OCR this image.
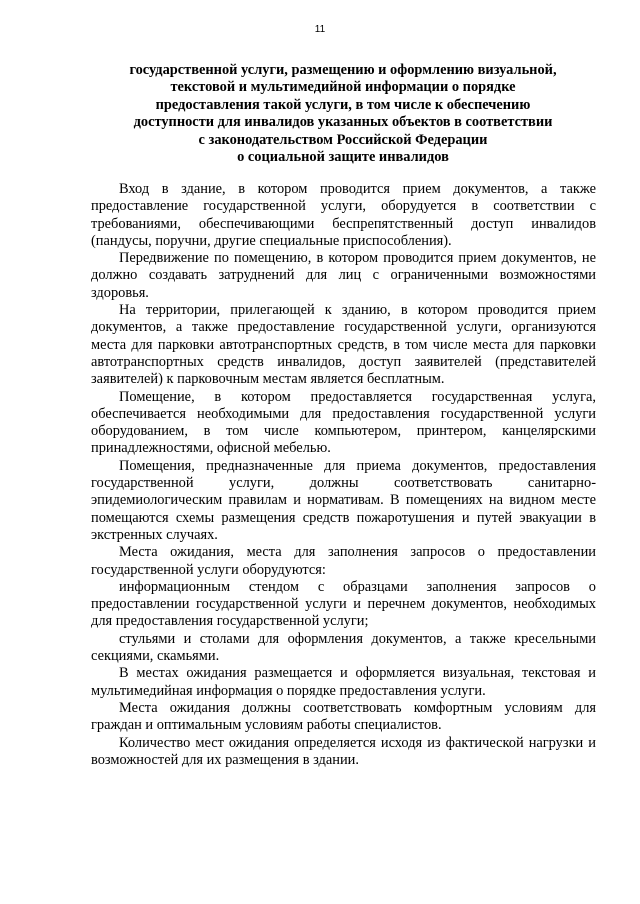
11
государственной услуги, размещению и оформлению визуальной,
текстовой и мультимедийной информации о порядке
предоставления такой услуги, в том числе к обеспечению
доступности для инвалидов указанных объектов в соответствии
с законодательством Российской Федерации
о социальной защите инвалидов

Вход в здание, в котором проводится прием документов, а также предоставление государственной услуги, оборудуется в соответствии с требованиями, обеспечивающими беспрепятственный доступ инвалидов (пандусы, поручни, другие специальные приспособления).

Передвижение по помещению, в котором проводится прием документов, не должно создавать затруднений для лиц с ограниченными возможностями здоровья.

На территории, прилегающей к зданию, в котором проводится прием документов, а также предоставление государственной услуги, организуются места для парковки автотранспортных средств, в том числе места для парковки автотранспортных средств инвалидов, доступ заявителей (представителей заявителей) к парковочным местам является бесплатным.

Помещение, в котором предоставляется государственная услуга, обеспечивается необходимыми для предоставления государственной услуги оборудованием, в том числе компьютером, принтером, канцелярскими принадлежностями, офисной мебелью.

Помещения, предназначенные для приема документов, предоставления государственной услуги, должны соответствовать санитарно-эпидемиологическим правилам и нормативам. В помещениях на видном месте помещаются схемы размещения средств пожаротушения и путей эвакуации в экстренных случаях.

Места ожидания, места для заполнения запросов о предоставлении государственной услуги оборудуются:

информационным стендом с образцами заполнения запросов о предоставлении государственной услуги и перечнем документов, необходимых для предоставления государственной услуги;

стульями и столами для оформления документов, а также кресельными секциями, скамьями.

В местах ожидания размещается и оформляется визуальная, текстовая и мультимедийная информация о порядке предоставления услуги.

Места ожидания должны соответствовать комфортным условиям для граждан и оптимальным условиям работы специалистов.

Количество мест ожидания определяется исходя из фактической нагрузки и возможностей для их размещения в здании.
